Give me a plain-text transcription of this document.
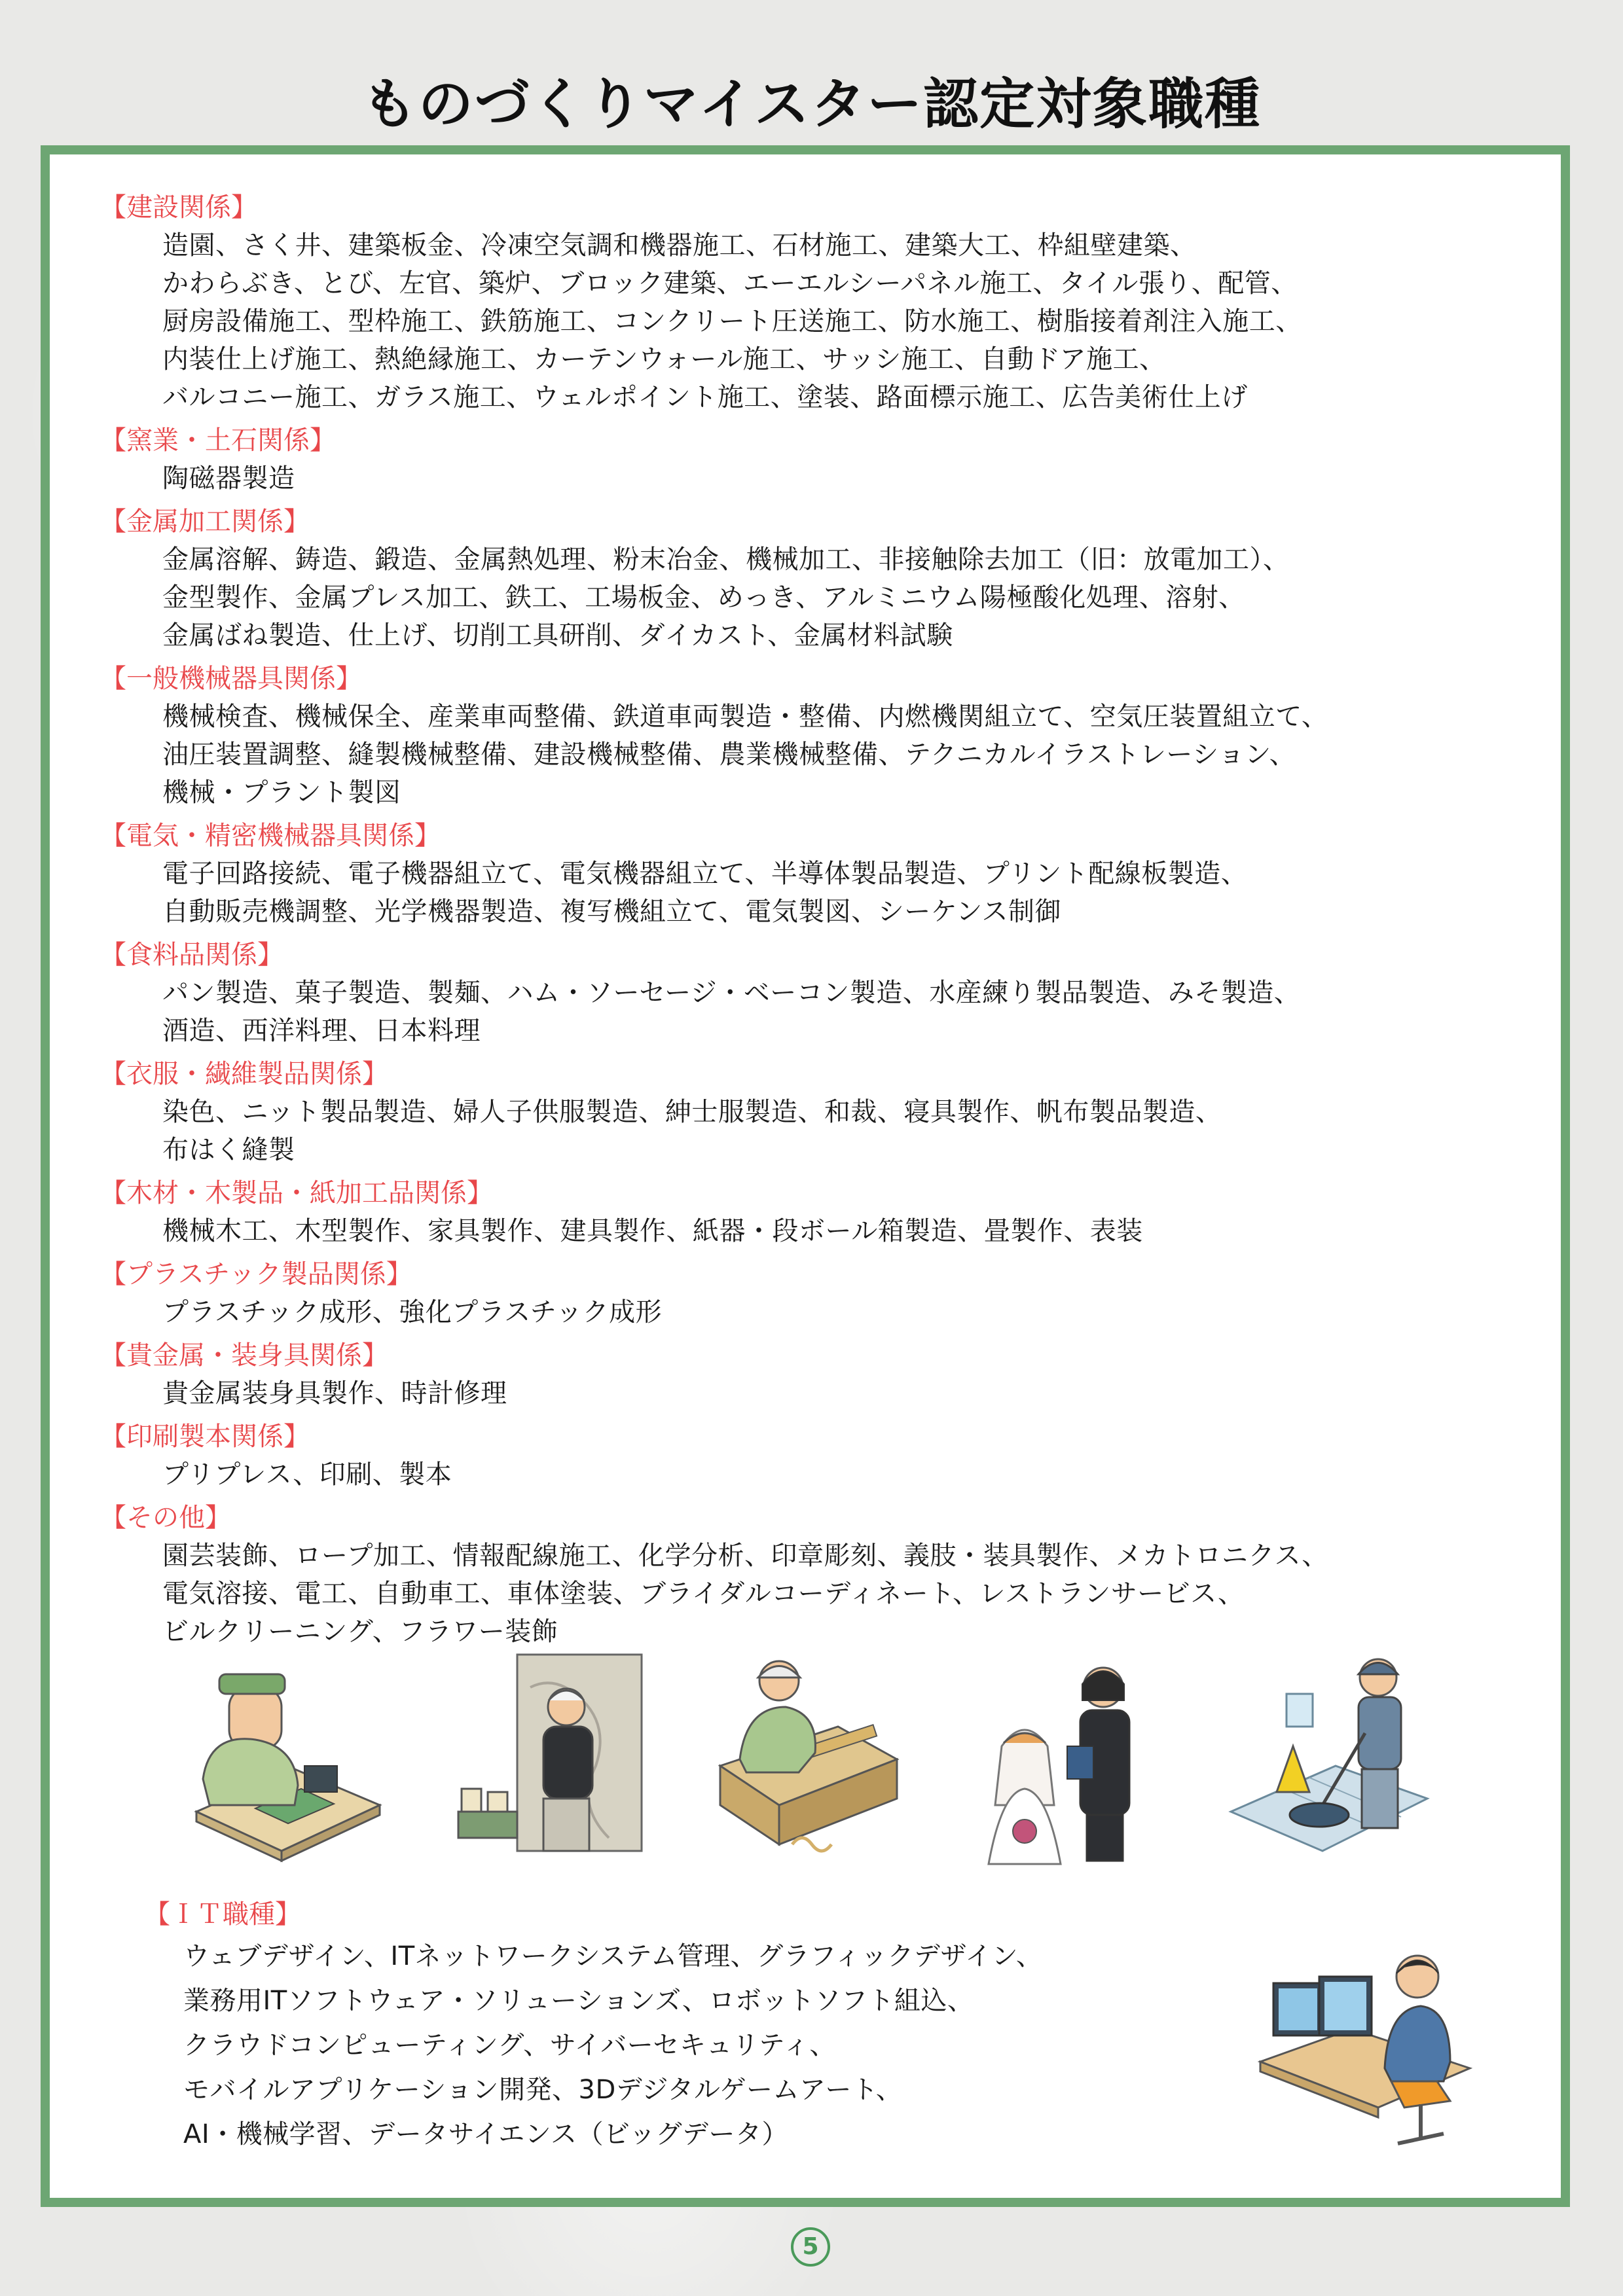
ものづくりマイスター認定対象職種
【建設関係】
造園、さく井、建築板金、冷凍空気調和機器施工、石材施工、建築大工、枠組壁建築、
かわらぶき、とび、左官、築炉、ブロック建築、エーエルシーパネル施工、タイル張り、配管、
厨房設備施工、型枠施工、鉄筋施工、コンクリート圧送施工、防水施工、樹脂接着剤注入施工、
内装仕上げ施工、熱絶縁施工、カーテンウォール施工、サッシ施工、自動ドア施工、
バルコニー施工、ガラス施工、ウェルポイント施工、塗装、路面標示施工、広告美術仕上げ
【窯業・土石関係】
陶磁器製造
【金属加工関係】
金属溶解、鋳造、鍛造、金属熱処理、粉末冶金、機械加工、非接触除去加工（旧：放電加工）、
金型製作、金属プレス加工、鉄工、工場板金、めっき、アルミニウム陽極酸化処理、溶射、
金属ばね製造、仕上げ、切削工具研削、ダイカスト、金属材料試験
【一般機械器具関係】
機械検査、機械保全、産業車両整備、鉄道車両製造・整備、内燃機関組立て、空気圧装置組立て、
油圧装置調整、縫製機械整備、建設機械整備、農業機械整備、テクニカルイラストレーション、
機械・プラント製図
【電気・精密機械器具関係】
電子回路接続、電子機器組立て、電気機器組立て、半導体製品製造、プリント配線板製造、
自動販売機調整、光学機器製造、複写機組立て、電気製図、シーケンス制御
【食料品関係】
パン製造、菓子製造、製麺、ハム・ソーセージ・ベーコン製造、水産練り製品製造、みそ製造、
酒造、西洋料理、日本料理
【衣服・繊維製品関係】
染色、ニット製品製造、婦人子供服製造、紳士服製造、和裁、寝具製作、帆布製品製造、
布はく縫製
【木材・木製品・紙加工品関係】
機械木工、木型製作、家具製作、建具製作、紙器・段ボール箱製造、畳製作、表装
【プラスチック製品関係】
プラスチック成形、強化プラスチック成形
【貴金属・装身具関係】
貴金属装身具製作、時計修理
【印刷製本関係】
プリプレス、印刷、製本
【その他】
園芸装飾、ロープ加工、情報配線施工、化学分析、印章彫刻、義肢・装具製作、メカトロニクス、
電気溶接、電工、自動車工、車体塗装、ブライダルコーディネート、レストランサービス、
ビルクリーニング、フラワー装飾
【ＩＴ職種】
ウェブデザイン、ITネットワークシステム管理、グラフィックデザイン、
業務用ITソフトウェア・ソリューションズ、ロボットソフト組込、
クラウドコンピューティング、サイバーセキュリティ、
モバイルアプリケーション開発、3Dデジタルゲームアート、
AI・機械学習、データサイエンス（ビッグデータ）
5
